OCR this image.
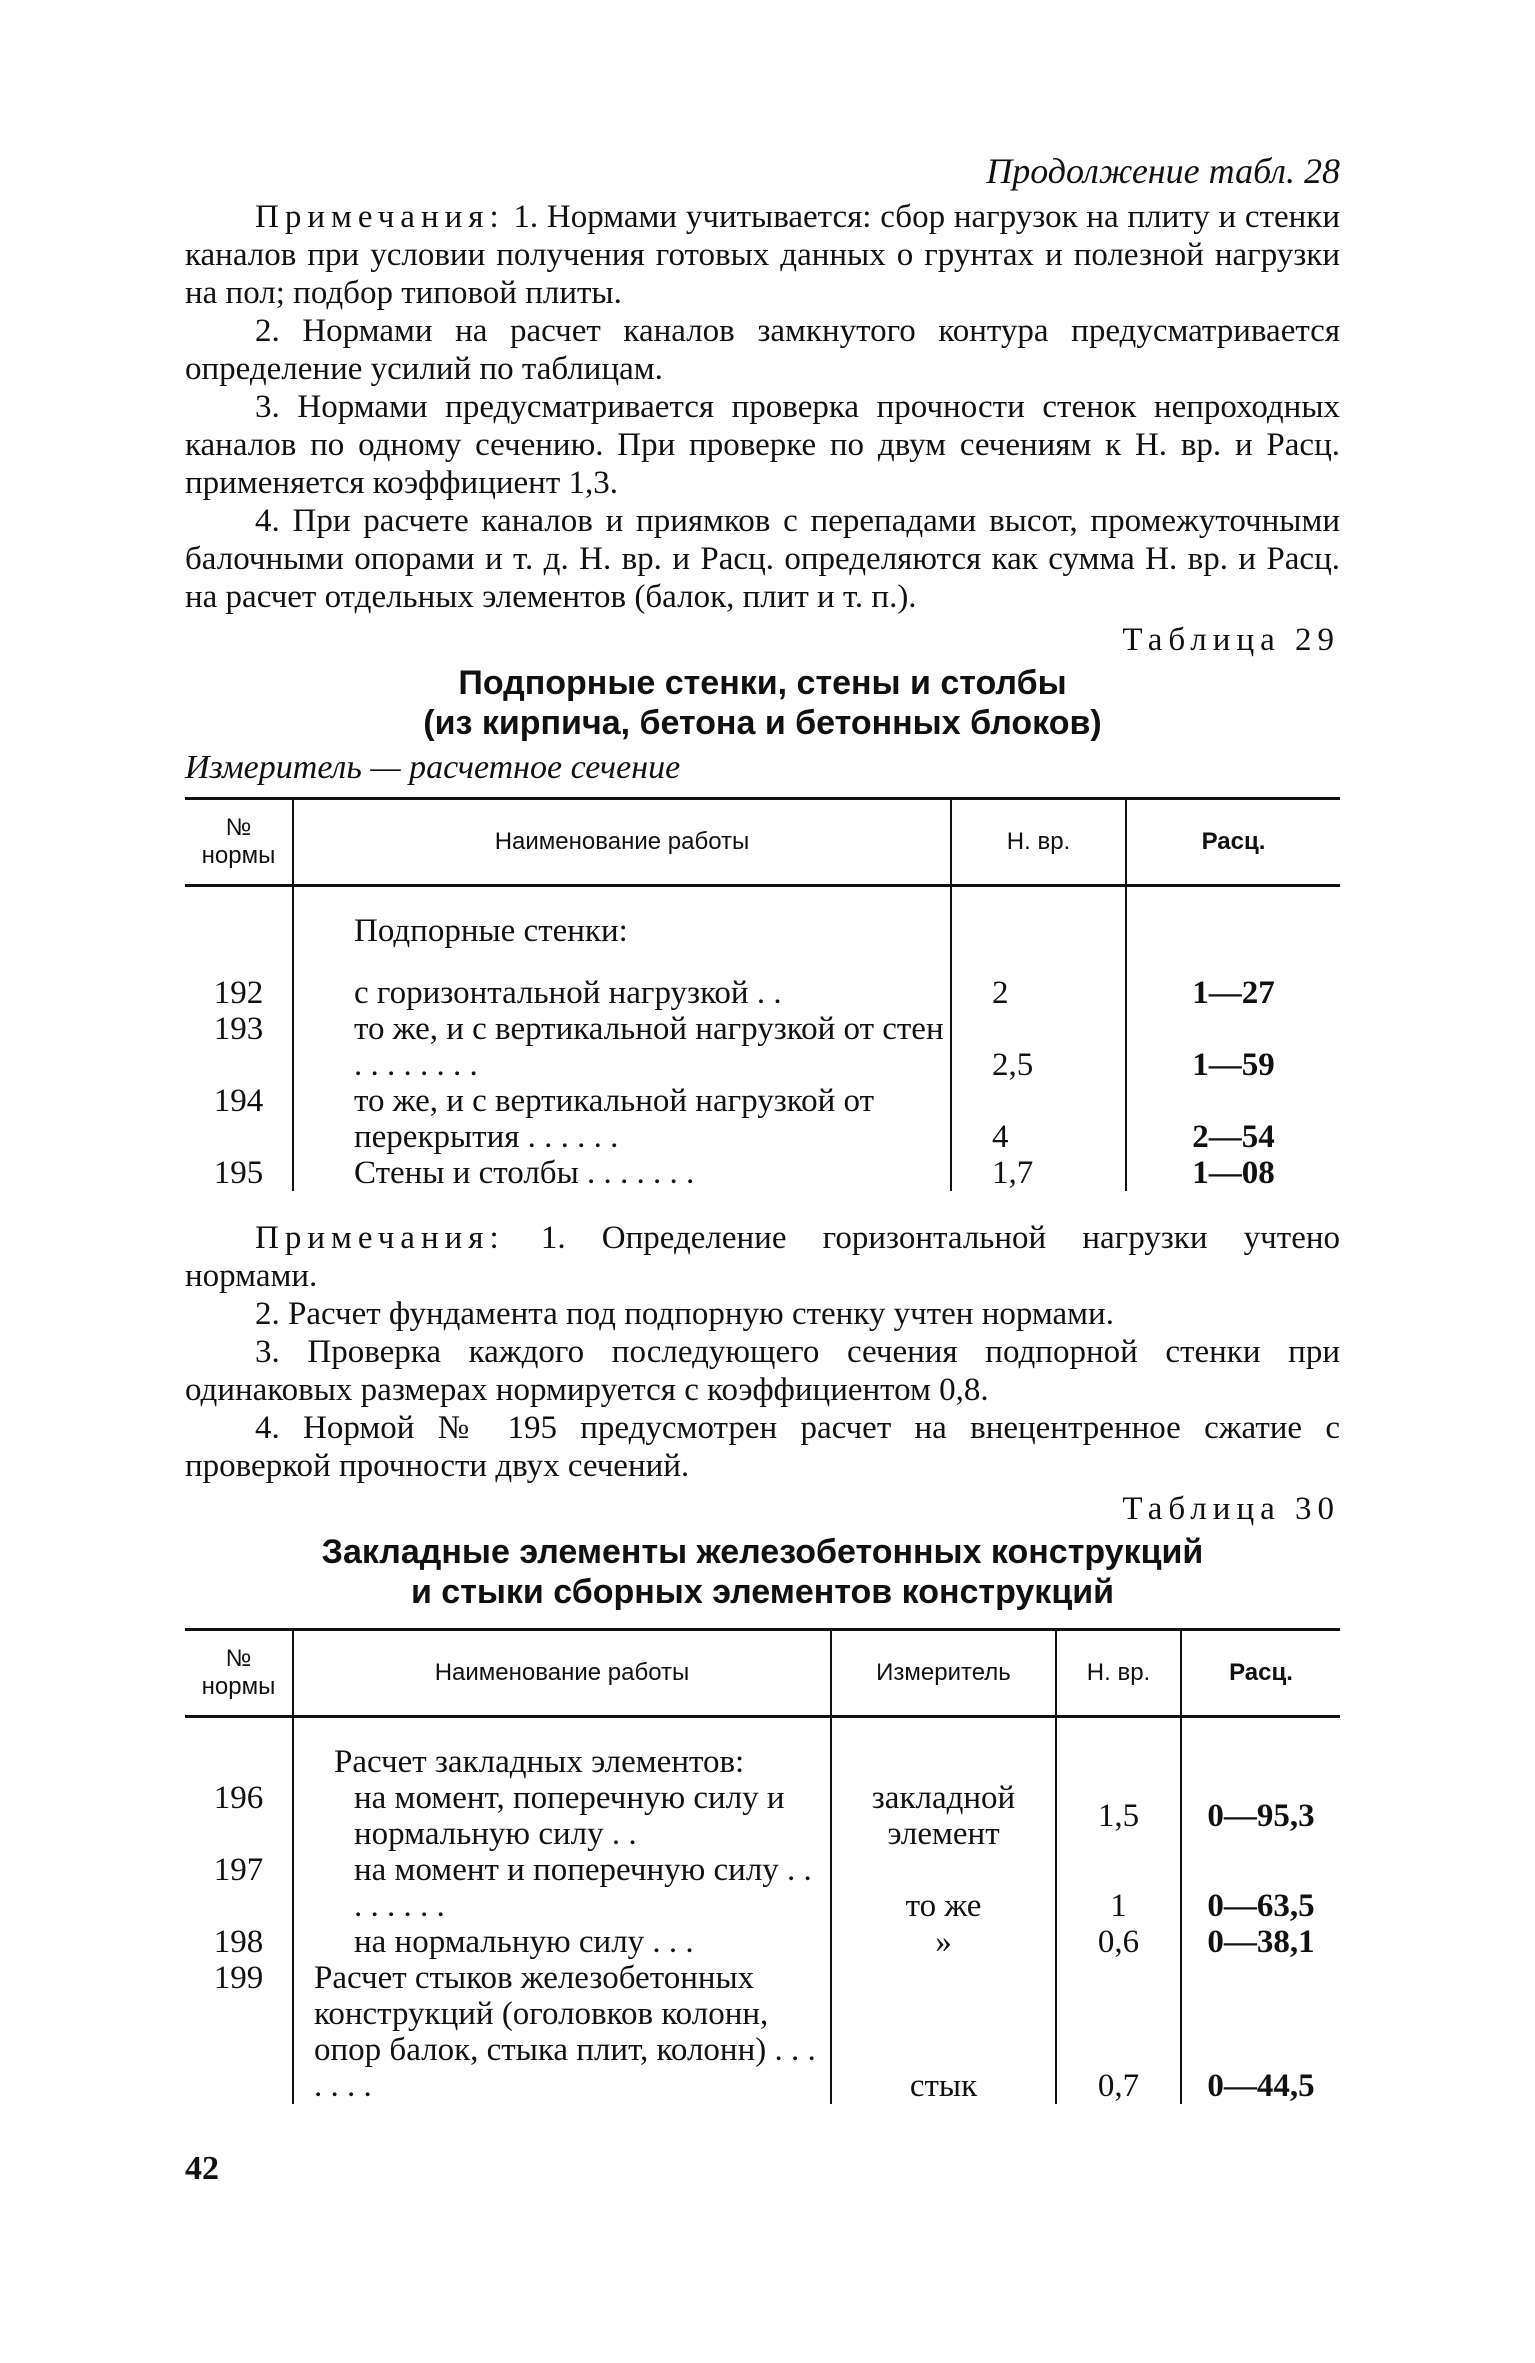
Продолжение табл. 28

Примечания: 1. Нормами учитывается: сбор нагрузок на плиту и стенки каналов при условии получения готовых данных о грунтах и полезной нагрузки на пол; подбор типовой плиты.

2. Нормами на расчет каналов замкнутого контура предусматривается определение усилий по таблицам.

3. Нормами предусматривается проверка прочности стенок непроходных каналов по одному сечению. При проверке по двум сечениям к Н. вр. и Расц. применяется коэффициент 1,3.

4. При расчете каналов и приямков с перепадами высот, промежуточными балочными опорами и т. д. Н. вр. и Расц. определяются как сумма Н. вр. и Расц. на расчет отдельных элементов (балок, плит и т. п.).

Таблица 29
Подпорные стенки, стены и столбы
(из кирпича, бетона и бетонных блоков)
Измеритель — расчетное сечение
№ нормы	Наименование работы	Н. вр.	Расц.

	Подпорные стенки:		

192	с горизонтальной нагрузкой . .	2	1—27
193	то же, и с вертикальной нагрузкой от стен . . . . . . . .	2,5	1—59
194	то же, и с вертикальной нагрузкой от перекрытия . . . . . .	4	2—54
195	Стены и столбы . . . . . . .	1,7	1—08

Примечания: 1. Определение горизонтальной нагрузки учтено нормами.

2. Расчет фундамента под подпорную стенку учтен нормами.

3. Проверка каждого последующего сечения подпорной стенки при одинаковых размерах нормируется с коэффициентом 0,8.

4. Нормой № 195 предусмотрен расчет на внецентренное сжатие с проверкой прочности двух сечений.

Таблица 30
Закладные элементы железобетонных конструкций
и стыки сборных элементов конструкций
№ нормы	Наименование работы	Измеритель	Н. вр.	Расц.

	Расчет закладных элементов:			
196	на момент, поперечную силу и нормальную силу . .	закладной элемент	1,5	0—95,3
197	на момент и поперечную силу . . . . . . . .	то же	1	0—63,5
198	на нормальную силу . . .	»	0,6	0—38,1
199	Расчет стыков железобетонных конструкций (оголовков колонн, опор балок, стыка плит, колонн) . . . . . . .	стык	0,7	0—44,5
42
